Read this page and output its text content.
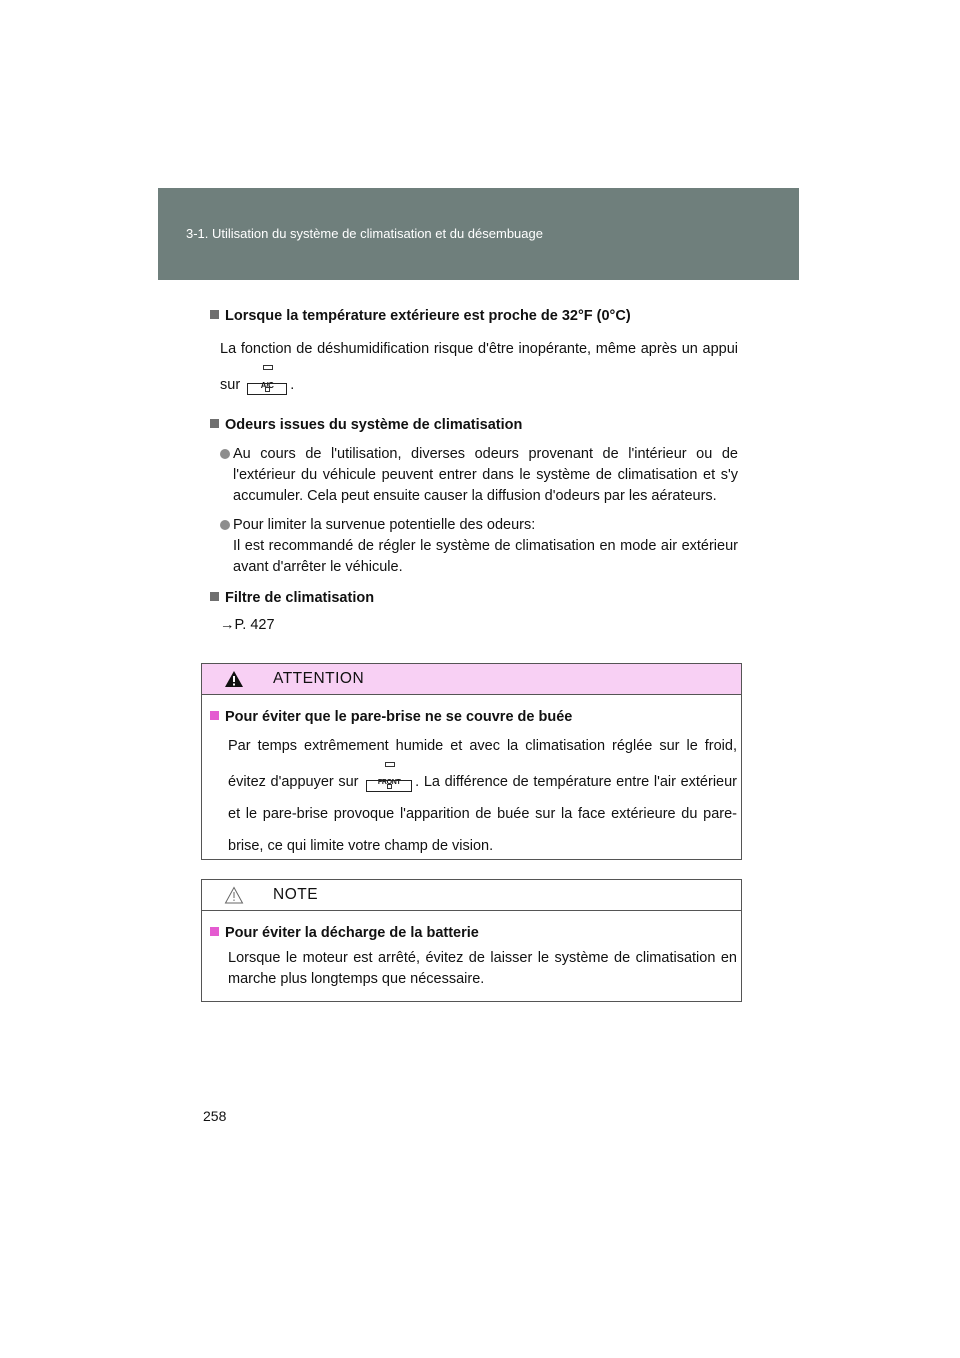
3-1. Utilisation du système de climatisation et du désembuage

Lorsque la température extérieure est proche de 32°F (0°C)

La fonction de déshumidification risque d'être inopérante, même après un appui sur	A/C	.

Odeurs issues du système de climatisation

Au cours de l'utilisation, diverses odeurs provenant de l'intérieur ou de l'extérieur du véhicule peuvent entrer dans le système de climatisation et s'y accumuler. Cela peut ensuite causer la diffusion d'odeurs par les aérateurs.
Pour limiter la survenue potentielle des odeurs:
Il est recommandé de régler le système de climatisation en mode air extérieur avant d'arrêter le véhicule.

Filtre de climatisation

→P. 427

ATTENTION
Pour éviter que le pare-brise ne se couvre de buée
Par temps extrêmement humide et avec la climatisation réglée sur le froid, évitez d'appuyer sur	FRONT	. La différence de température entre l'air extérieur et le pare-brise provoque l'apparition de buée sur la face extérieure du pare-brise, ce qui limite votre champ de vision.
NOTE
Pour éviter la décharge de la batterie
Lorsque le moteur est arrêté, évitez de laisser le système de climatisation en marche plus longtemps que nécessaire.
258
